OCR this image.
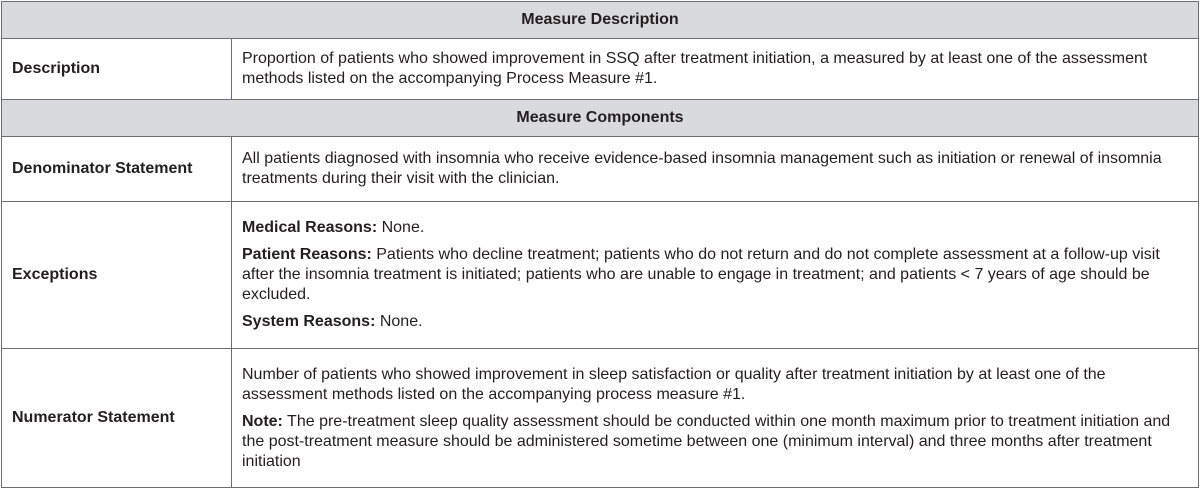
Measure Description	
Description	Proportion of patients who showed improvement in SSQ after treatment initiation, a measured by at least one of the assessment methods listed on the accompanying Process Measure #1.

Measure Components	
Denominator Statement	All patients diagnosed with insomnia who receive evidence-based insomnia management such as initiation or renewal of insomnia treatments during their visit with the clinician.

Exceptions	Medical Reasons: None.

Patient Reasons: Patients who decline treatment; patients who do not return and do not complete assessment at a follow-up visit after the insomnia treatment is initiated; patients who are unable to engage in treatment; and patients < 7 years of age should be excluded.

System Reasons: None.

Numerator Statement	Number of patients who showed improvement in sleep satisfaction or quality after treatment initiation by at least one of the assessment methods listed on the accompanying process measure #1.

Note: The pre-treatment sleep quality assessment should be conducted within one month maximum prior to treatment initiation and the post-treatment measure should be administered sometime between one (minimum interval) and three months after treatment initiation
